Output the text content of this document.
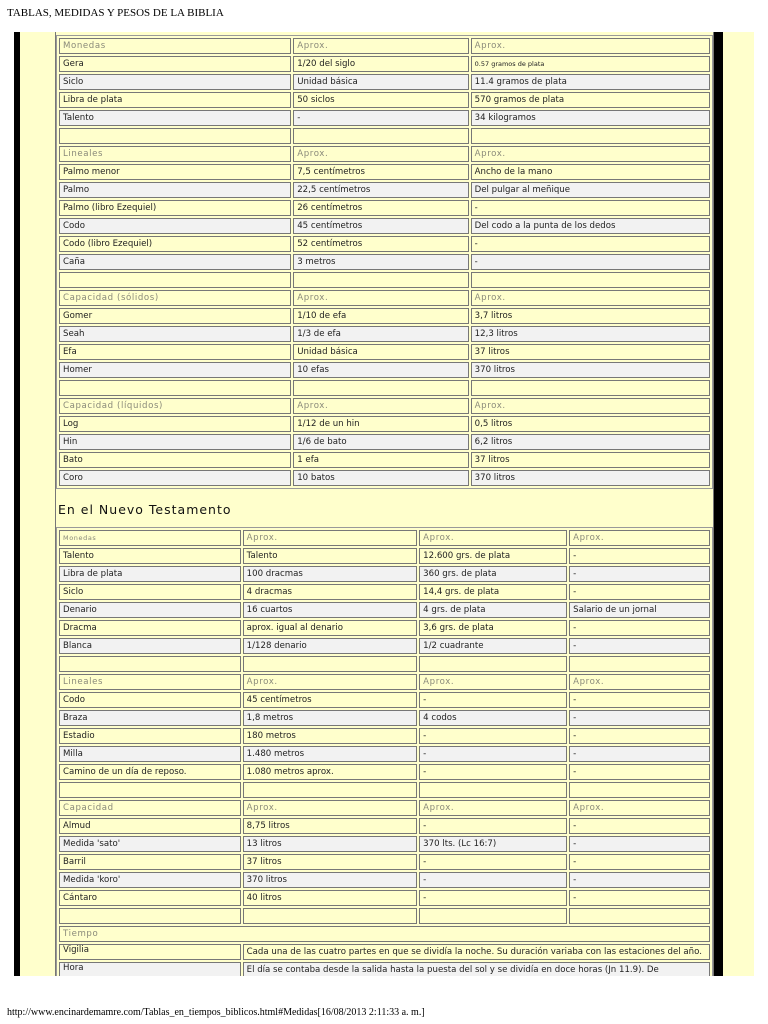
TABLAS, MEDIDAS Y PESOS DE LA BIBLIA
Monedas	Aprox.	Aprox.
Gera	1/20 del siglo	0.57 gramos de plata
Siclo	Unidad básica	11.4 gramos de plata
Libra de plata	50 siclos	570 gramos de plata
Talento	-	34 kilogramos

Lineales	Aprox.	Aprox.
Palmo menor	7,5 centímetros	Ancho de la mano
Palmo	22,5 centímetros	Del pulgar al meñique
Palmo (libro Ezequiel)	26 centímetros	-
Codo	45 centímetros	Del codo a la punta de los dedos
Codo (libro Ezequiel)	52 centímetros	-
Caña	3 metros	-

Capacidad (sólidos)	Aprox.	Aprox.
Gomer	1/10 de efa	3,7 litros
Seah	1/3 de efa	12,3 litros
Efa	Unidad básica	37 litros
Homer	10 efas	370 litros

Capacidad (líquidos)	Aprox.	Aprox.
Log	1/12 de un hin	0,5 litros
Hin	1/6 de bato	6,2 litros
Bato	1 efa	37 litros
Coro	10 batos	370 litros
En el Nuevo Testamento
Monedas	Aprox.	Aprox.	Aprox.
Talento	Talento	12.600 grs. de plata	-
Libra de plata	100 dracmas	360 grs. de plata	-
Siclo	4 dracmas	14,4 grs. de plata	-
Denario	16 cuartos	4 grs. de plata	Salario de un jornal
Dracma	aprox. igual al denario	3,6 grs. de plata	-
Blanca	1/128 denario	1/2 cuadrante	-

Lineales	Aprox.	Aprox.	Aprox.
Codo	45 centímetros	-	-
Braza	1,8 metros	4 codos	-
Estadio	180 metros	-	-
Milla	1.480 metros	-	-
Camino de un día de reposo.	1.080 metros aprox.	-	-

Capacidad	Aprox.	Aprox.	Aprox.
Almud	8,75 litros	-	-
Medida 'sato'	13 litros	370 lts. (Lc 16:7)	-
Barril	37 litros	-	-
Medida 'koro'	370 litros	-	-
Cántaro	40 litros	-	-

Tiempo			
Vigilia	Cada una de las cuatro partes en que se dividía la noche. Su duración variaba con las estaciones del año.		
Hora	El día se contaba desde la salida hasta la puesta del sol y se dividía en doce horas (Jn 11.9). De		
http://www.encinardemamre.com/Tablas_en_tiempos_biblicos.html#Medidas[16/08/2013 2:11:33 a. m.]
